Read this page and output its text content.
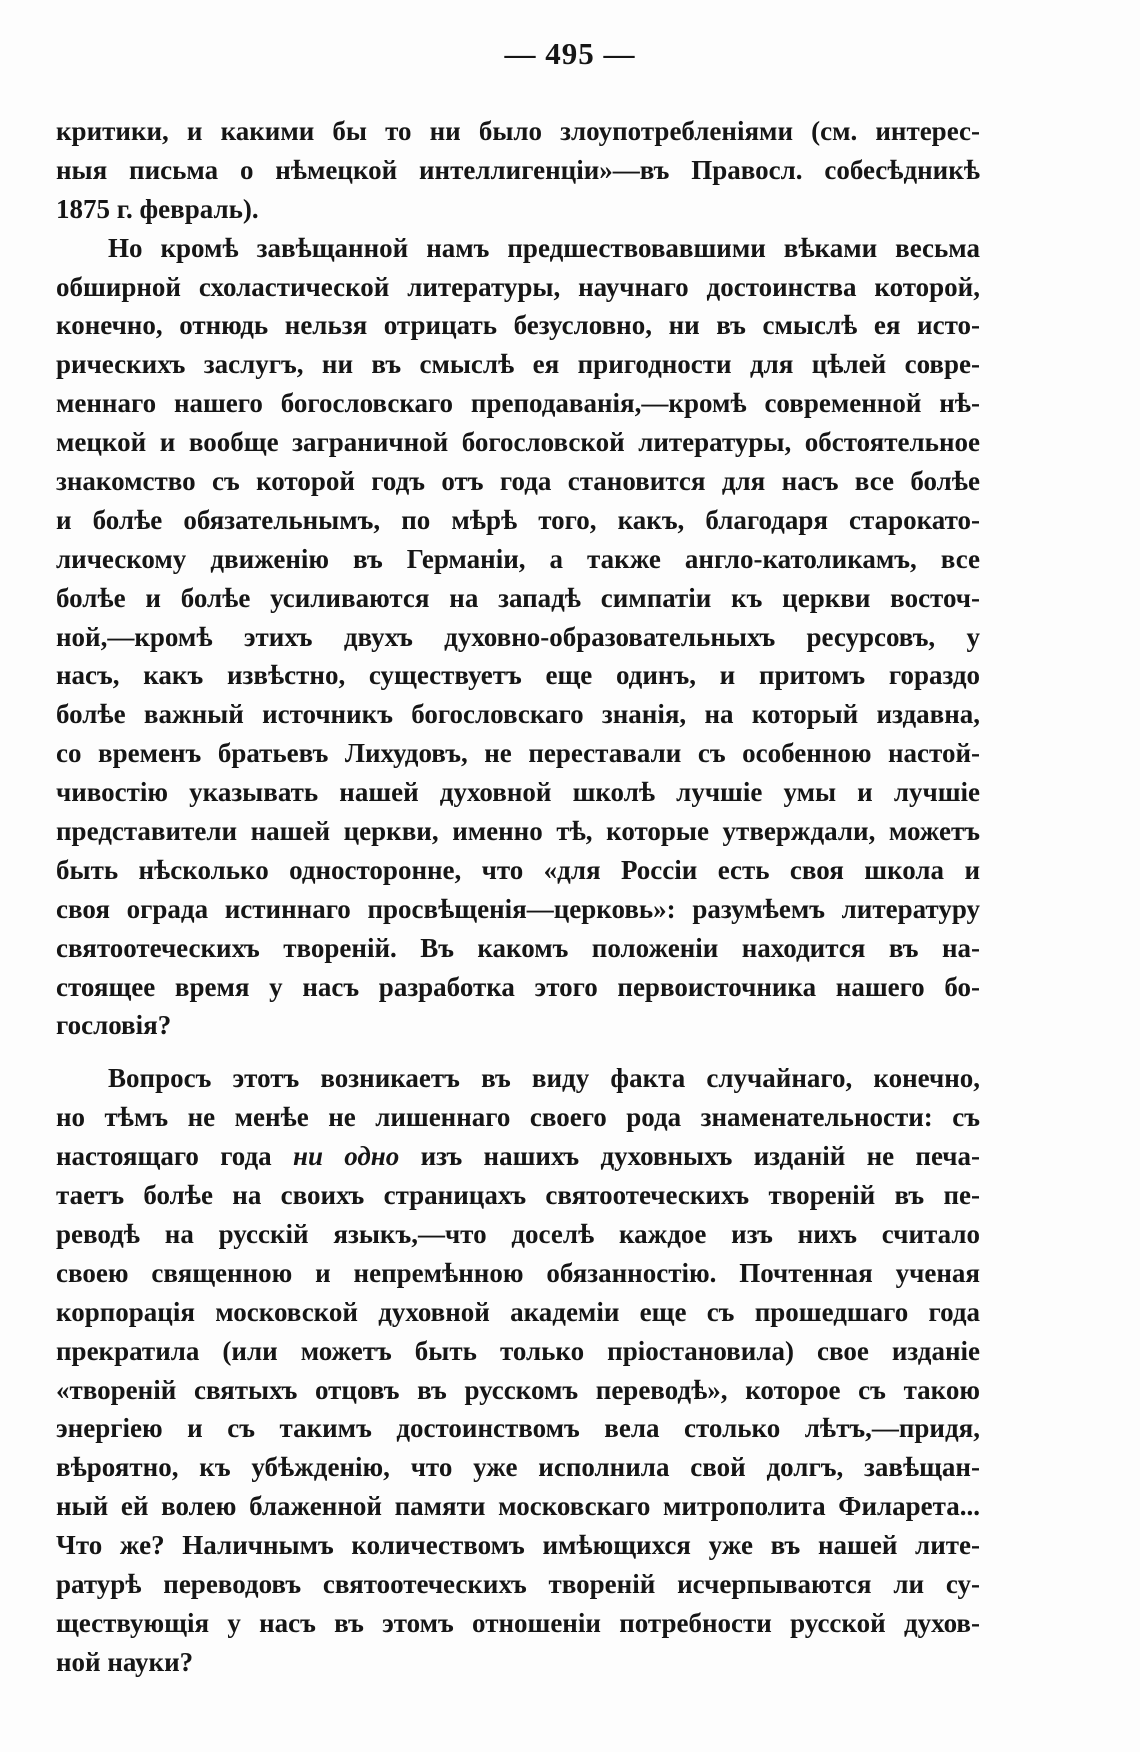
— 495 —
критики, и какими бы то ни было злоупотребленіями (см. интерес-
ныя письма о нѣмецкой интеллигенціи»—въ Правосл. собесѣдникѣ
1875 г. февраль).
Но кромѣ завѣщанной намъ предшествовавшими вѣками весьма
обширной схоластической литературы, научнаго достоинства которой,
конечно, отнюдь нельзя отрицать безусловно, ни въ смыслѣ ея исто-
рическихъ заслугъ, ни въ смыслѣ ея пригодности для цѣлей совре-
меннаго нашего богословскаго преподаванія,—кромѣ современной нѣ-
мецкой и вообще заграничной богословской литературы, обстоятельное
знакомство съ которой годъ отъ года становится для насъ все болѣе
и болѣе обязательнымъ, по мѣрѣ того, какъ, благодаря старокато-
лическому движенію въ Германіи, а также англо-католикамъ, все
болѣе и болѣе усиливаются на западѣ симпатіи къ церкви восточ-
ной,—кромѣ этихъ двухъ духовно-образовательныхъ ресурсовъ, у
насъ, какъ извѣстно, существуетъ еще одинъ, и притомъ гораздо
болѣе важный источникъ богословскаго знанія, на который издавна,
со временъ братьевъ Лихудовъ, не переставали съ особенною настой-
чивостію указывать нашей духовной школѣ лучшіе умы и лучшіе
представители нашей церкви, именно тѣ, которые утверждали, можетъ
быть нѣсколько односторонне, что «для Россіи есть своя школа и
своя ограда истиннаго просвѣщенія—церковь»: разумѣемъ литературу
святоотеческихъ твореній. Въ какомъ положеніи находится въ на-
стоящее время у насъ разработка этого первоисточника нашего бо-
гословія?
Вопросъ этотъ возникаетъ въ виду факта случайнаго, конечно,
но тѣмъ не менѣе не лишеннаго своего рода знаменательности: съ
настоящаго года ни одно изъ нашихъ духовныхъ изданій не печа-
таетъ болѣе на своихъ страницахъ святоотеческихъ твореній въ пе-
реводѣ на русскій языкъ,—что доселѣ каждое изъ нихъ считало
своею священною и непремѣнною обязанностію. Почтенная ученая
корпорація московской духовной академіи еще съ прошедшаго года
прекратила (или можетъ быть только пріостановила) свое изданіе
«твореній святыхъ отцовъ въ русскомъ переводѣ», которое съ такою
энергіею и съ такимъ достоинствомъ вела столько лѣтъ,—придя,
вѣроятно, къ убѣжденію, что уже исполнила свой долгъ, завѣщан-
ный ей волею блаженной памяти московскаго митрополита Филарета...
Что же? Наличнымъ количествомъ имѣющихся уже въ нашей лите-
ратурѣ переводовъ святоотеческихъ твореній исчерпываются ли су-
ществующія у насъ въ этомъ отношеніи потребности русской духов-
ной науки?
